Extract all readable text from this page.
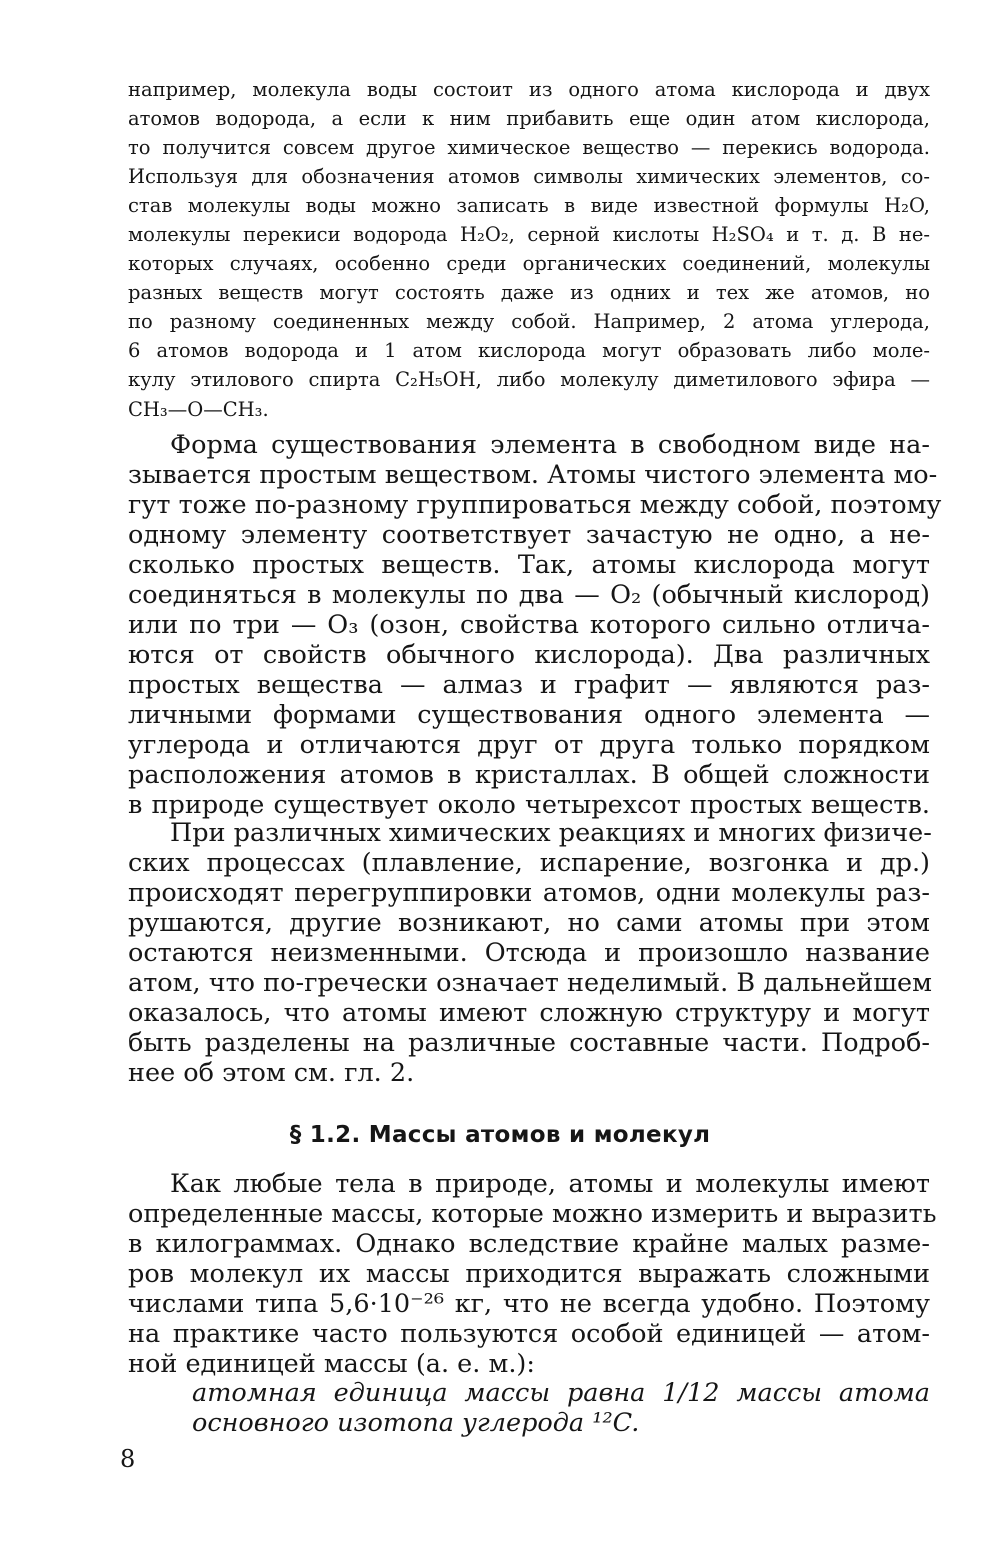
например, молекула воды состоит из одного атома кислорода и двух
атомов водорода, а если к ним прибавить еще один атом кислорода,
то получится совсем другое химическое вещество — перекись водорода.
Используя для обозначения атомов символы химических элементов, со-
став молекулы воды можно записать в виде известной формулы H₂O,
молекулы перекиси водорода H₂O₂, серной кислоты H₂SO₄ и т. д. В не-
которых случаях, особенно среди органических соединений, молекулы
разных веществ могут состоять даже из одних и тех же атомов, но
по разному соединенных между собой. Например, 2 атома углерода,
6 атомов водорода и 1 атом кислорода могут образовать либо моле-
кулу этилового спирта C₂H₅OH, либо молекулу диметилового эфира —
CH₃—O—CH₃.
Форма существования элемента в свободном виде на-
зывается простым веществом. Атомы чистого элемента мо-
гут тоже по-разному группироваться между собой, поэтому
одному элементу соответствует зачастую не одно, а не-
сколько простых веществ. Так, атомы кислорода могут
соединяться в молекулы по два — O₂ (обычный кислород)
или по три — O₃ (озон, свойства которого сильно отлича-
ются от свойств обычного кислорода). Два различных
простых вещества — алмаз и графит — являются раз-
личными формами существования одного элемента —
углерода и отличаются друг от друга только порядком
расположения атомов в кристаллах. В общей сложности
в природе существует около четырехсот простых веществ.
При различных химических реакциях и многих физиче-
ских процессах (плавление, испарение, возгонка и др.)
происходят перегруппировки атомов, одни молекулы раз-
рушаются, другие возникают, но сами атомы при этом
остаются неизменными. Отсюда и произошло название
атом, что по-гречески означает неделимый. В дальнейшем
оказалось, что атомы имеют сложную структуру и могут
быть разделены на различные составные части. Подроб-
нее об этом см. гл. 2.
§ 1.2. Массы атомов и молекул
Как любые тела в природе, атомы и молекулы имеют
определенные массы, которые можно измерить и выразить
в килограммах. Однако вследствие крайне малых разме-
ров молекул их массы приходится выражать сложными
числами типа 5,6·10⁻²⁶ кг, что не всегда удобно. Поэтому
на практике часто пользуются особой единицей — атом-
ной единицей массы (а. е. м.):
атомная единица массы равна 1/12 массы атома
основного изотопа углерода ¹²C.
8
